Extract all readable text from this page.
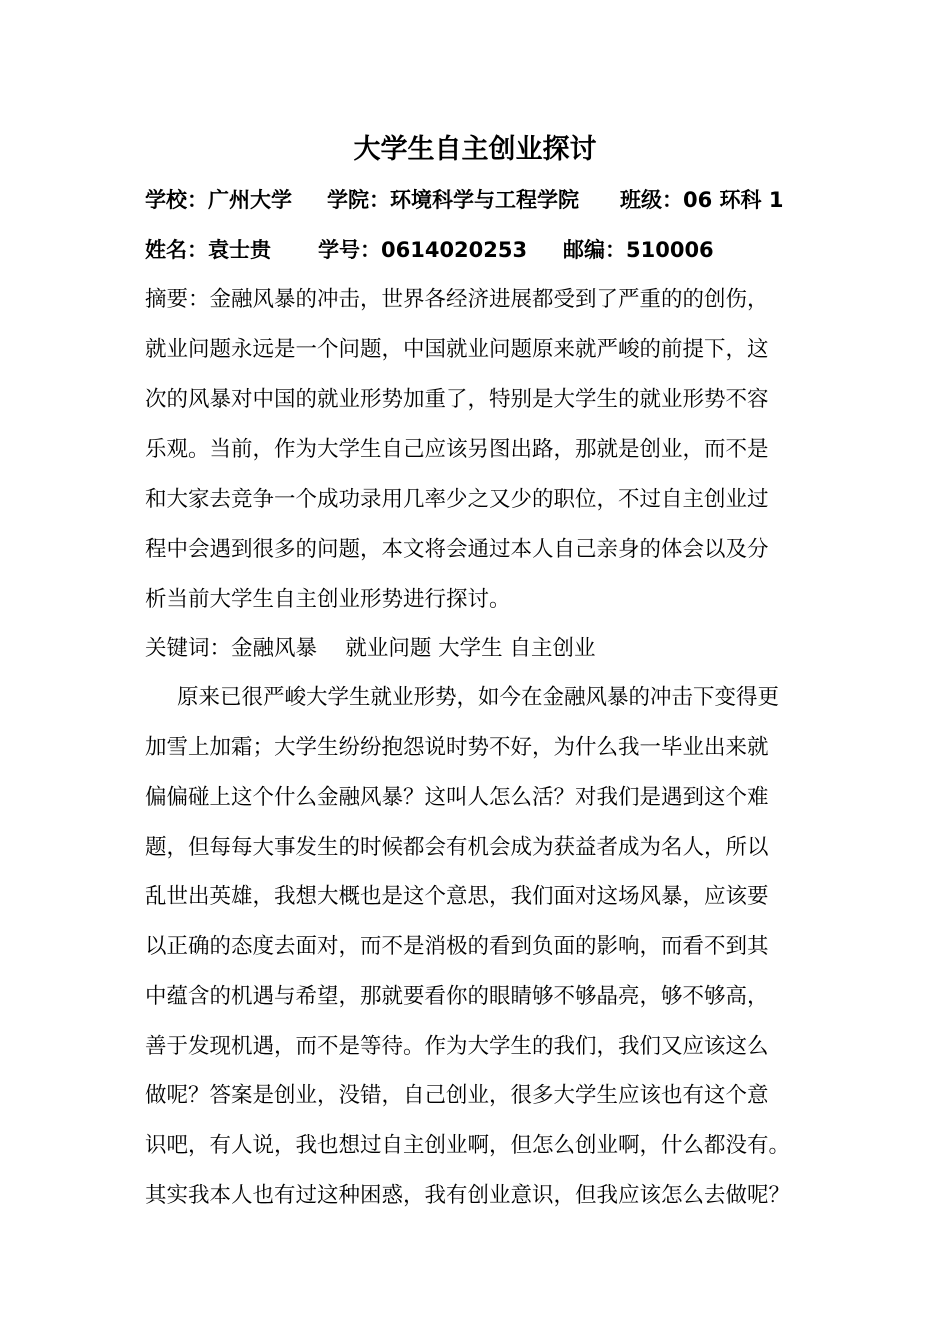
大学生自主创业探讨
学校：广州大学 学院：环境科学与工程学院 班级：06 环科 1
姓名：袁士贵 学号：0614020253 邮编：510006
摘要：金融风暴的冲击，世界各经济进展都受到了严重的的创伤，
就业问题永远是一个问题，中国就业问题原来就严峻的前提下，这
次的风暴对中国的就业形势加重了，特别是大学生的就业形势不容
乐观。当前，作为大学生自己应该另图出路，那就是创业，而不是
和大家去竞争一个成功录用几率少之又少的职位，不过自主创业过
程中会遇到很多的问题，本文将会通过本人自己亲身的体会以及分
析当前大学生自主创业形势进行探讨。
关键词：金融风暴　 就业问题 大学生 自主创业
原来已很严峻大学生就业形势，如今在金融风暴的冲击下变得更
加雪上加霜；大学生纷纷抱怨说时势不好，为什么我一毕业出来就
偏偏碰上这个什么金融风暴？这叫人怎么活？对我们是遇到这个难
题，但每每大事发生的时候都会有机会成为获益者成为名人，所以
乱世出英雄，我想大概也是这个意思，我们面对这场风暴，应该要
以正确的态度去面对，而不是消极的看到负面的影响，而看不到其
中蕴含的机遇与希望，那就要看你的眼睛够不够晶亮，够不够高，
善于发现机遇，而不是等待。作为大学生的我们，我们又应该这么
做呢？答案是创业，没错，自己创业，很多大学生应该也有这个意
识吧，有人说，我也想过自主创业啊，但怎么创业啊，什么都没有。
其实我本人也有过这种困惑，我有创业意识，但我应该怎么去做呢？
